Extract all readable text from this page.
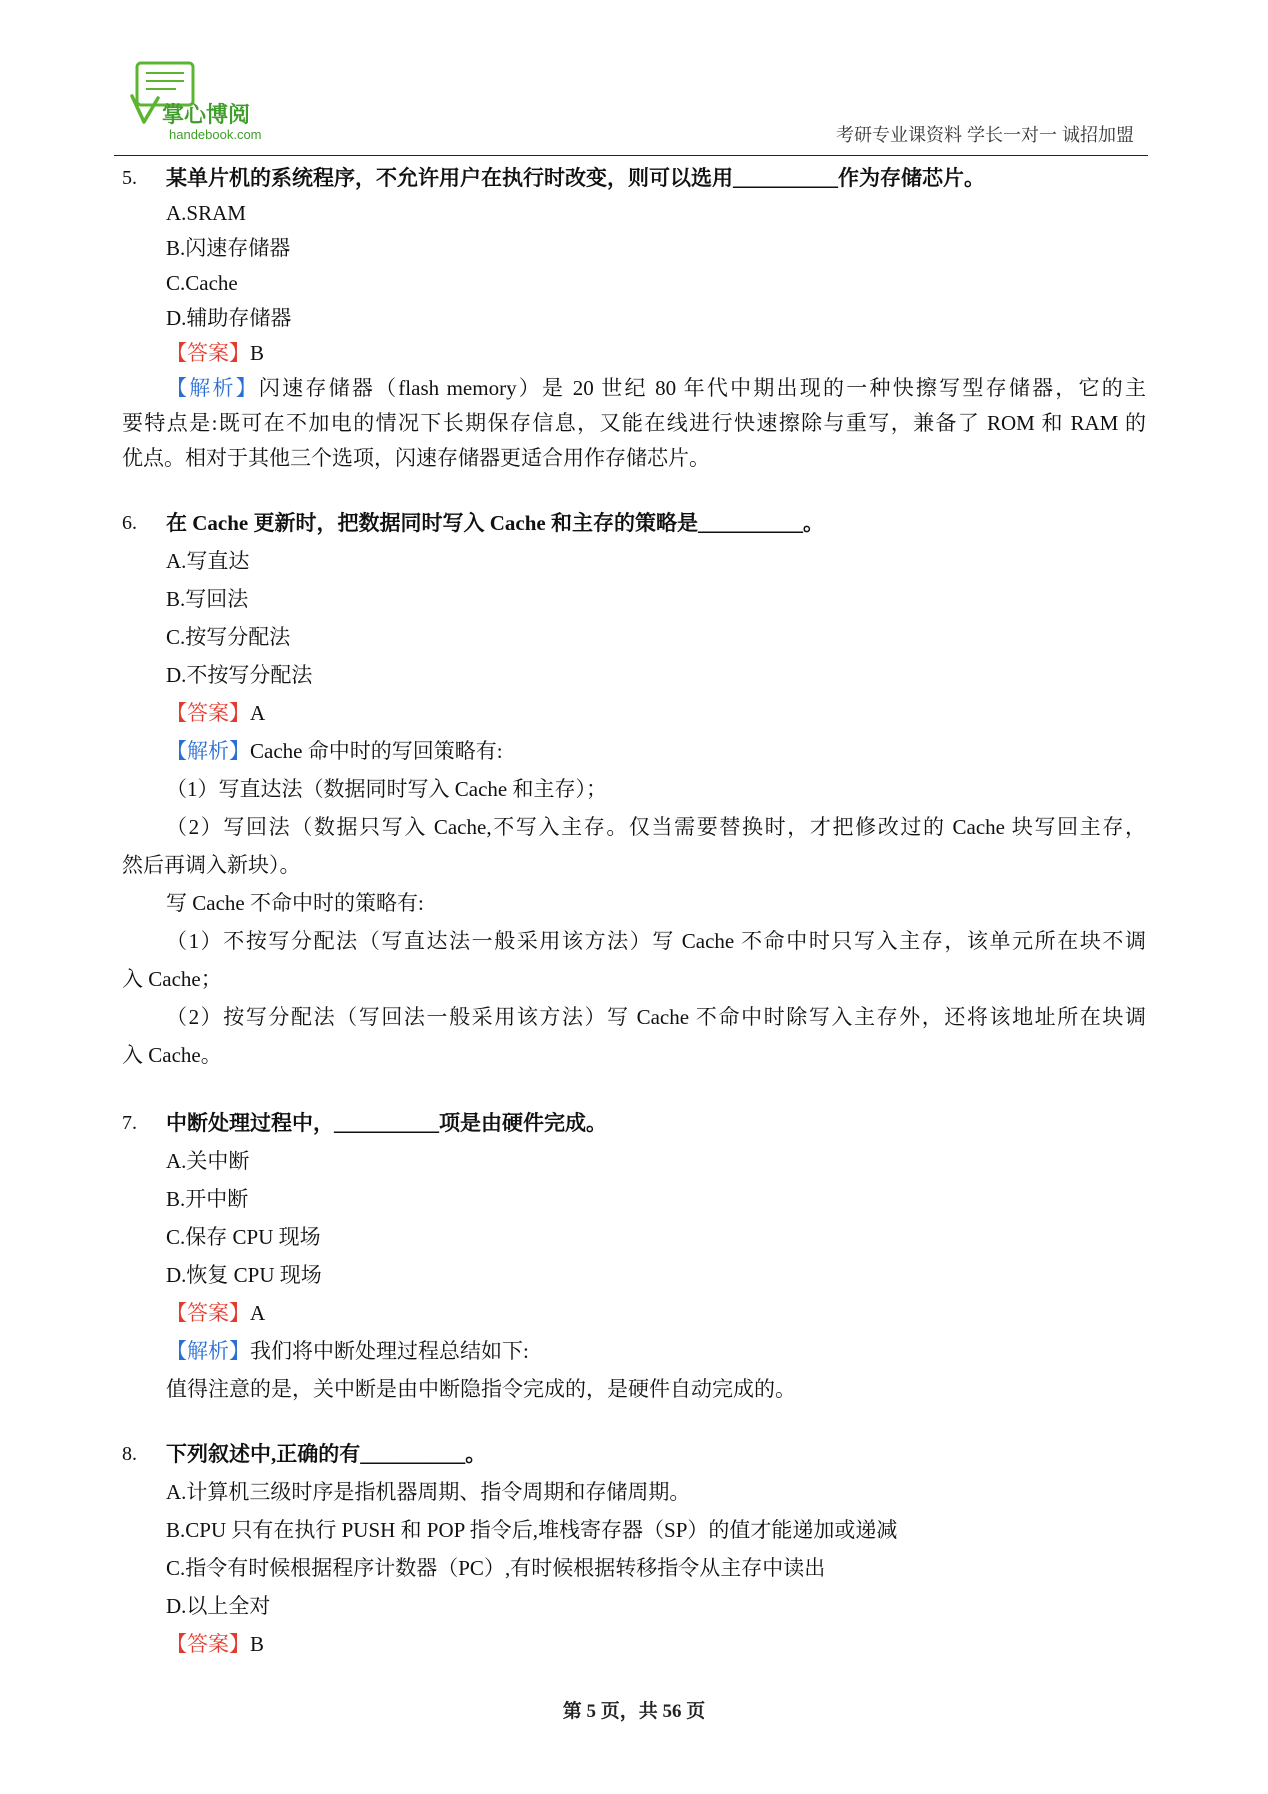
掌心博阅
handebook.com	考研专业课资料 学长一对一 诚招加盟
5. 某单片机的系统程序，不允许用户在执行时改变，则可以选用__________作为存储芯片。
A.SRAM
B.闪速存储器
C.Cache
D.辅助存储器
【答案】B
【解析】闪速存储器（flash memory）是 20 世纪 80 年代中期出现的一种快擦写型存储器，它的主
要特点是:既可在不加电的情况下长期保存信息，又能在线进行快速擦除与重写，兼备了 ROM 和 RAM 的
优点。相对于其他三个选项，闪速存储器更适合用作存储芯片。
6. 在 Cache 更新时，把数据同时写入 Cache 和主存的策略是__________。
A.写直达
B.写回法
C.按写分配法
D.不按写分配法
【答案】A
【解析】Cache 命中时的写回策略有:
（1）写直达法（数据同时写入 Cache 和主存）；
（2）写回法（数据只写入 Cache,不写入主存。仅当需要替换时，才把修改过的 Cache 块写回主存，
然后再调入新块）。
写 Cache 不命中时的策略有:
（1）不按写分配法（写直达法一般采用该方法）写 Cache 不命中时只写入主存，该单元所在块不调
入 Cache；
（2）按写分配法（写回法一般采用该方法）写 Cache 不命中时除写入主存外，还将该地址所在块调
入 Cache。
7. 中断处理过程中，__________项是由硬件完成。
A.关中断
B.开中断
C.保存 CPU 现场
D.恢复 CPU 现场
【答案】A
【解析】我们将中断处理过程总结如下:
值得注意的是，关中断是由中断隐指令完成的，是硬件自动完成的。
8. 下列叙述中,正确的有__________。
A.计算机三级时序是指机器周期、指令周期和存储周期。
B.CPU 只有在执行 PUSH 和 POP 指令后,堆栈寄存器（SP）的值才能递加或递减
C.指令有时候根据程序计数器（PC）,有时候根据转移指令从主存中读出
D.以上全对
【答案】B
第 5 页，共 56 页
